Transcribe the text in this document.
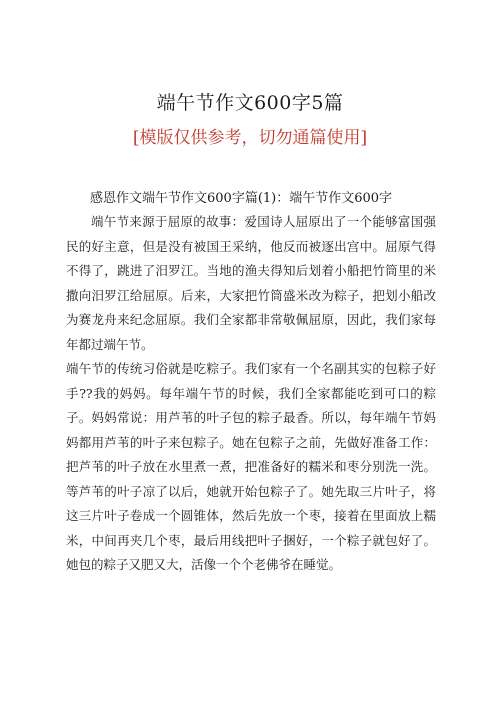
端午节作文600字5篇
[模版仅供参考，切勿通篇使用]
感恩作文端午节作文600字篇(1)：端午节作文600字

端午节来源于屈原的故事：爱国诗人屈原出了一个能够富国强民的好主意，但是没有被国王采纳，他反而被逐出宫中。屈原气得不得了，跳进了汨罗江。当地的渔夫得知后划着小船把竹筒里的米撒向汨罗江给屈原。后来，大家把竹筒盛米改为粽子，把划小船改为赛龙舟来纪念屈原。我们全家都非常敬佩屈原，因此，我们家每年都过端午节。

端午节的传统习俗就是吃粽子。我们家有一个名副其实的包粽子好手??我的妈妈。每年端午节的时候，我们全家都能吃到可口的粽子。妈妈常说：用芦苇的叶子包的粽子最香。所以，每年端午节妈妈都用芦苇的叶子来包粽子。她在包粽子之前，先做好准备工作：把芦苇的叶子放在水里煮一煮，把准备好的糯米和枣分别洗一洗。等芦苇的叶子凉了以后，她就开始包粽子了。她先取三片叶子，将这三片叶子卷成一个圆锥体，然后先放一个枣，接着在里面放上糯米，中间再夹几个枣，最后用线把叶子捆好，一个粽子就包好了。她包的粽子又肥又大，活像一个个老佛爷在睡觉。
